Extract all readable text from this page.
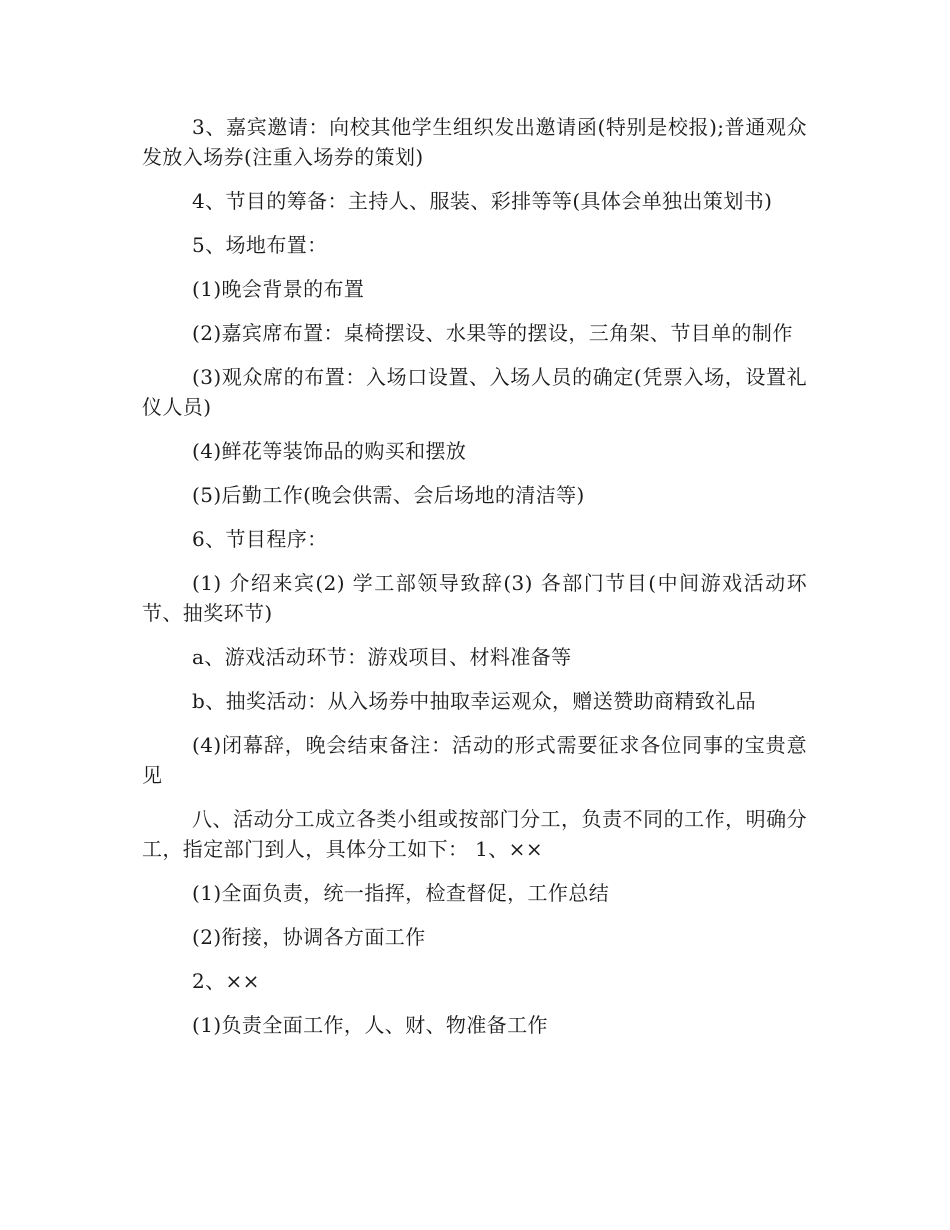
3、嘉宾邀请：向校其他学生组织发出邀请函(特别是校报);普通观众发放入场券(注重入场券的策划)

4、节目的筹备：主持人、服装、彩排等等(具体会单独出策划书)

5、场地布置：

(1)晚会背景的布置

(2)嘉宾席布置：桌椅摆设、水果等的摆设，三角架、节目单的制作

(3)观众席的布置：入场口设置、入场人员的确定(凭票入场，设置礼仪人员)

(4)鲜花等装饰品的购买和摆放

(5)后勤工作(晚会供需、会后场地的清洁等)

6、节目程序：

(1) 介绍来宾(2) 学工部领导致辞(3) 各部门节目(中间游戏活动环节、抽奖环节)

a、游戏活动环节：游戏项目、材料准备等

b、抽奖活动：从入场券中抽取幸运观众，赠送赞助商精致礼品

(4)闭幕辞，晚会结束备注：活动的形式需要征求各位同事的宝贵意见

八、活动分工成立各类小组或按部门分工，负责不同的工作，明确分工，指定部门到人，具体分工如下： 1、××

(1)全面负责，统一指挥，检查督促，工作总结

(2)衔接，协调各方面工作

2、××

(1)负责全面工作，人、财、物准备工作
